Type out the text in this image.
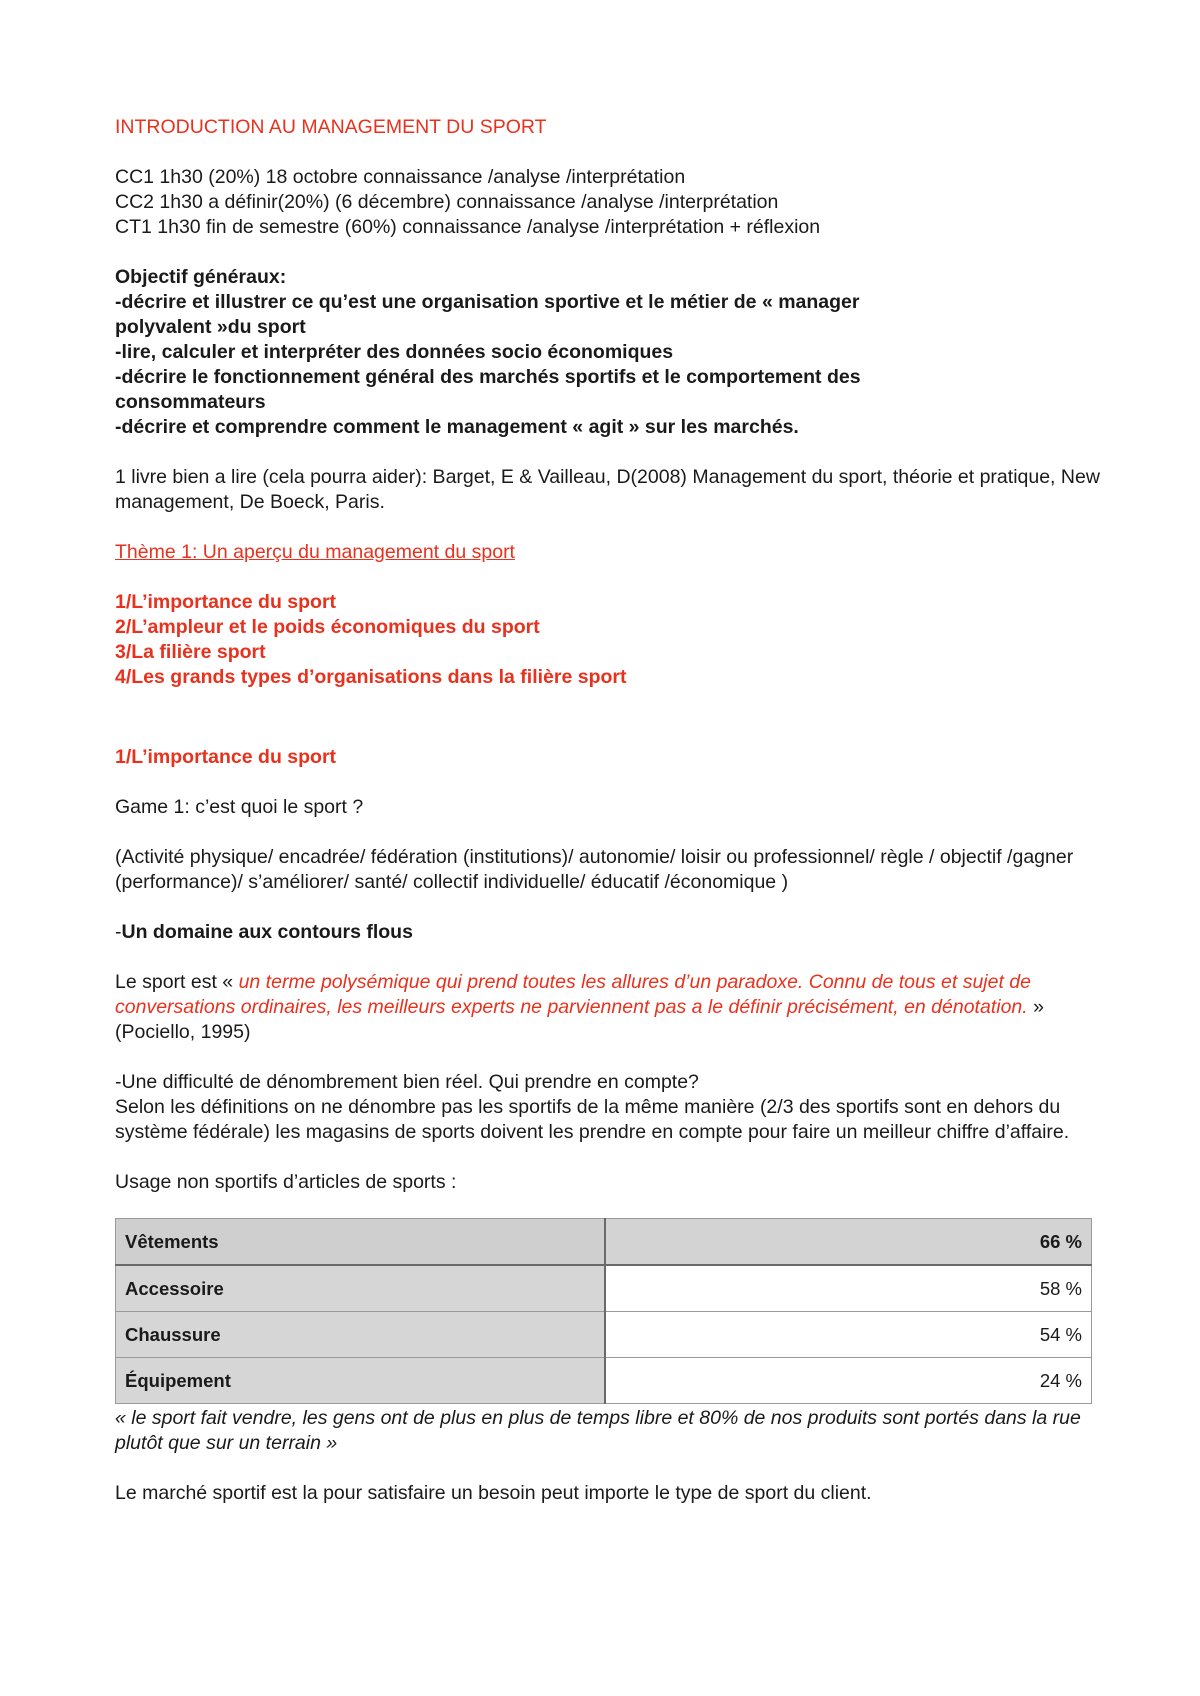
INTRODUCTION AU MANAGEMENT DU SPORT

CC1 1h30 (20%) 18 octobre connaissance /analyse /interprétation

CC2 1h30 a définir(20%) (6 décembre) connaissance /analyse /interprétation

CT1 1h30 fin de semestre (60%) connaissance /analyse /interprétation + réflexion

Objectif généraux:

-décrire et illustrer ce qu’est une organisation sportive et le métier de « manager polyvalent »du sport

-lire, calculer et interpréter des données socio économiques

-décrire le fonctionnement général des marchés sportifs et le comportement des consommateurs

-décrire et comprendre comment le management « agit » sur les marchés.

1 livre bien a lire (cela pourra aider): Barget, E & Vailleau, D(2008) Management du sport, théorie et pratique, New management, De Boeck, Paris.

Thème 1: Un aperçu du management du sport

1/L’importance du sport

2/L’ampleur et le poids économiques du sport

3/La filière sport

4/Les grands types d’organisations dans la filière sport

1/L’importance du sport

Game 1: c’est quoi le sport ?

(Activité physique/ encadrée/ fédération (institutions)/ autonomie/ loisir ou professionnel/ règle / objectif /gagner (performance)/ s’améliorer/ santé/ collectif individuelle/ éducatif /économique )

-Un domaine aux contours flous

Le sport est « un terme polysémique qui prend toutes les allures d’un paradoxe. Connu de tous et sujet de conversations ordinaires, les meilleurs experts ne parviennent pas a le définir précisément, en dénotation. » (Pociello, 1995)

-Une difficulté de dénombrement bien réel. Qui prendre en compte?

Selon les définitions on ne dénombre pas les sportifs de la même manière (2/3 des sportifs sont en dehors du système fédérale) les magasins de sports doivent les prendre en compte pour faire un meilleur chiffre d’affaire.

Usage non sportifs d’articles de sports :

Vêtements	66 %
Accessoire	58 %
Chaussure	54 %
Équipement	24 %

« le sport fait vendre, les gens ont de plus en plus de temps libre et 80% de nos produits sont portés dans la rue plutôt que sur un terrain »

Le marché sportif est la pour satisfaire un besoin peut importe le type de sport du client.
